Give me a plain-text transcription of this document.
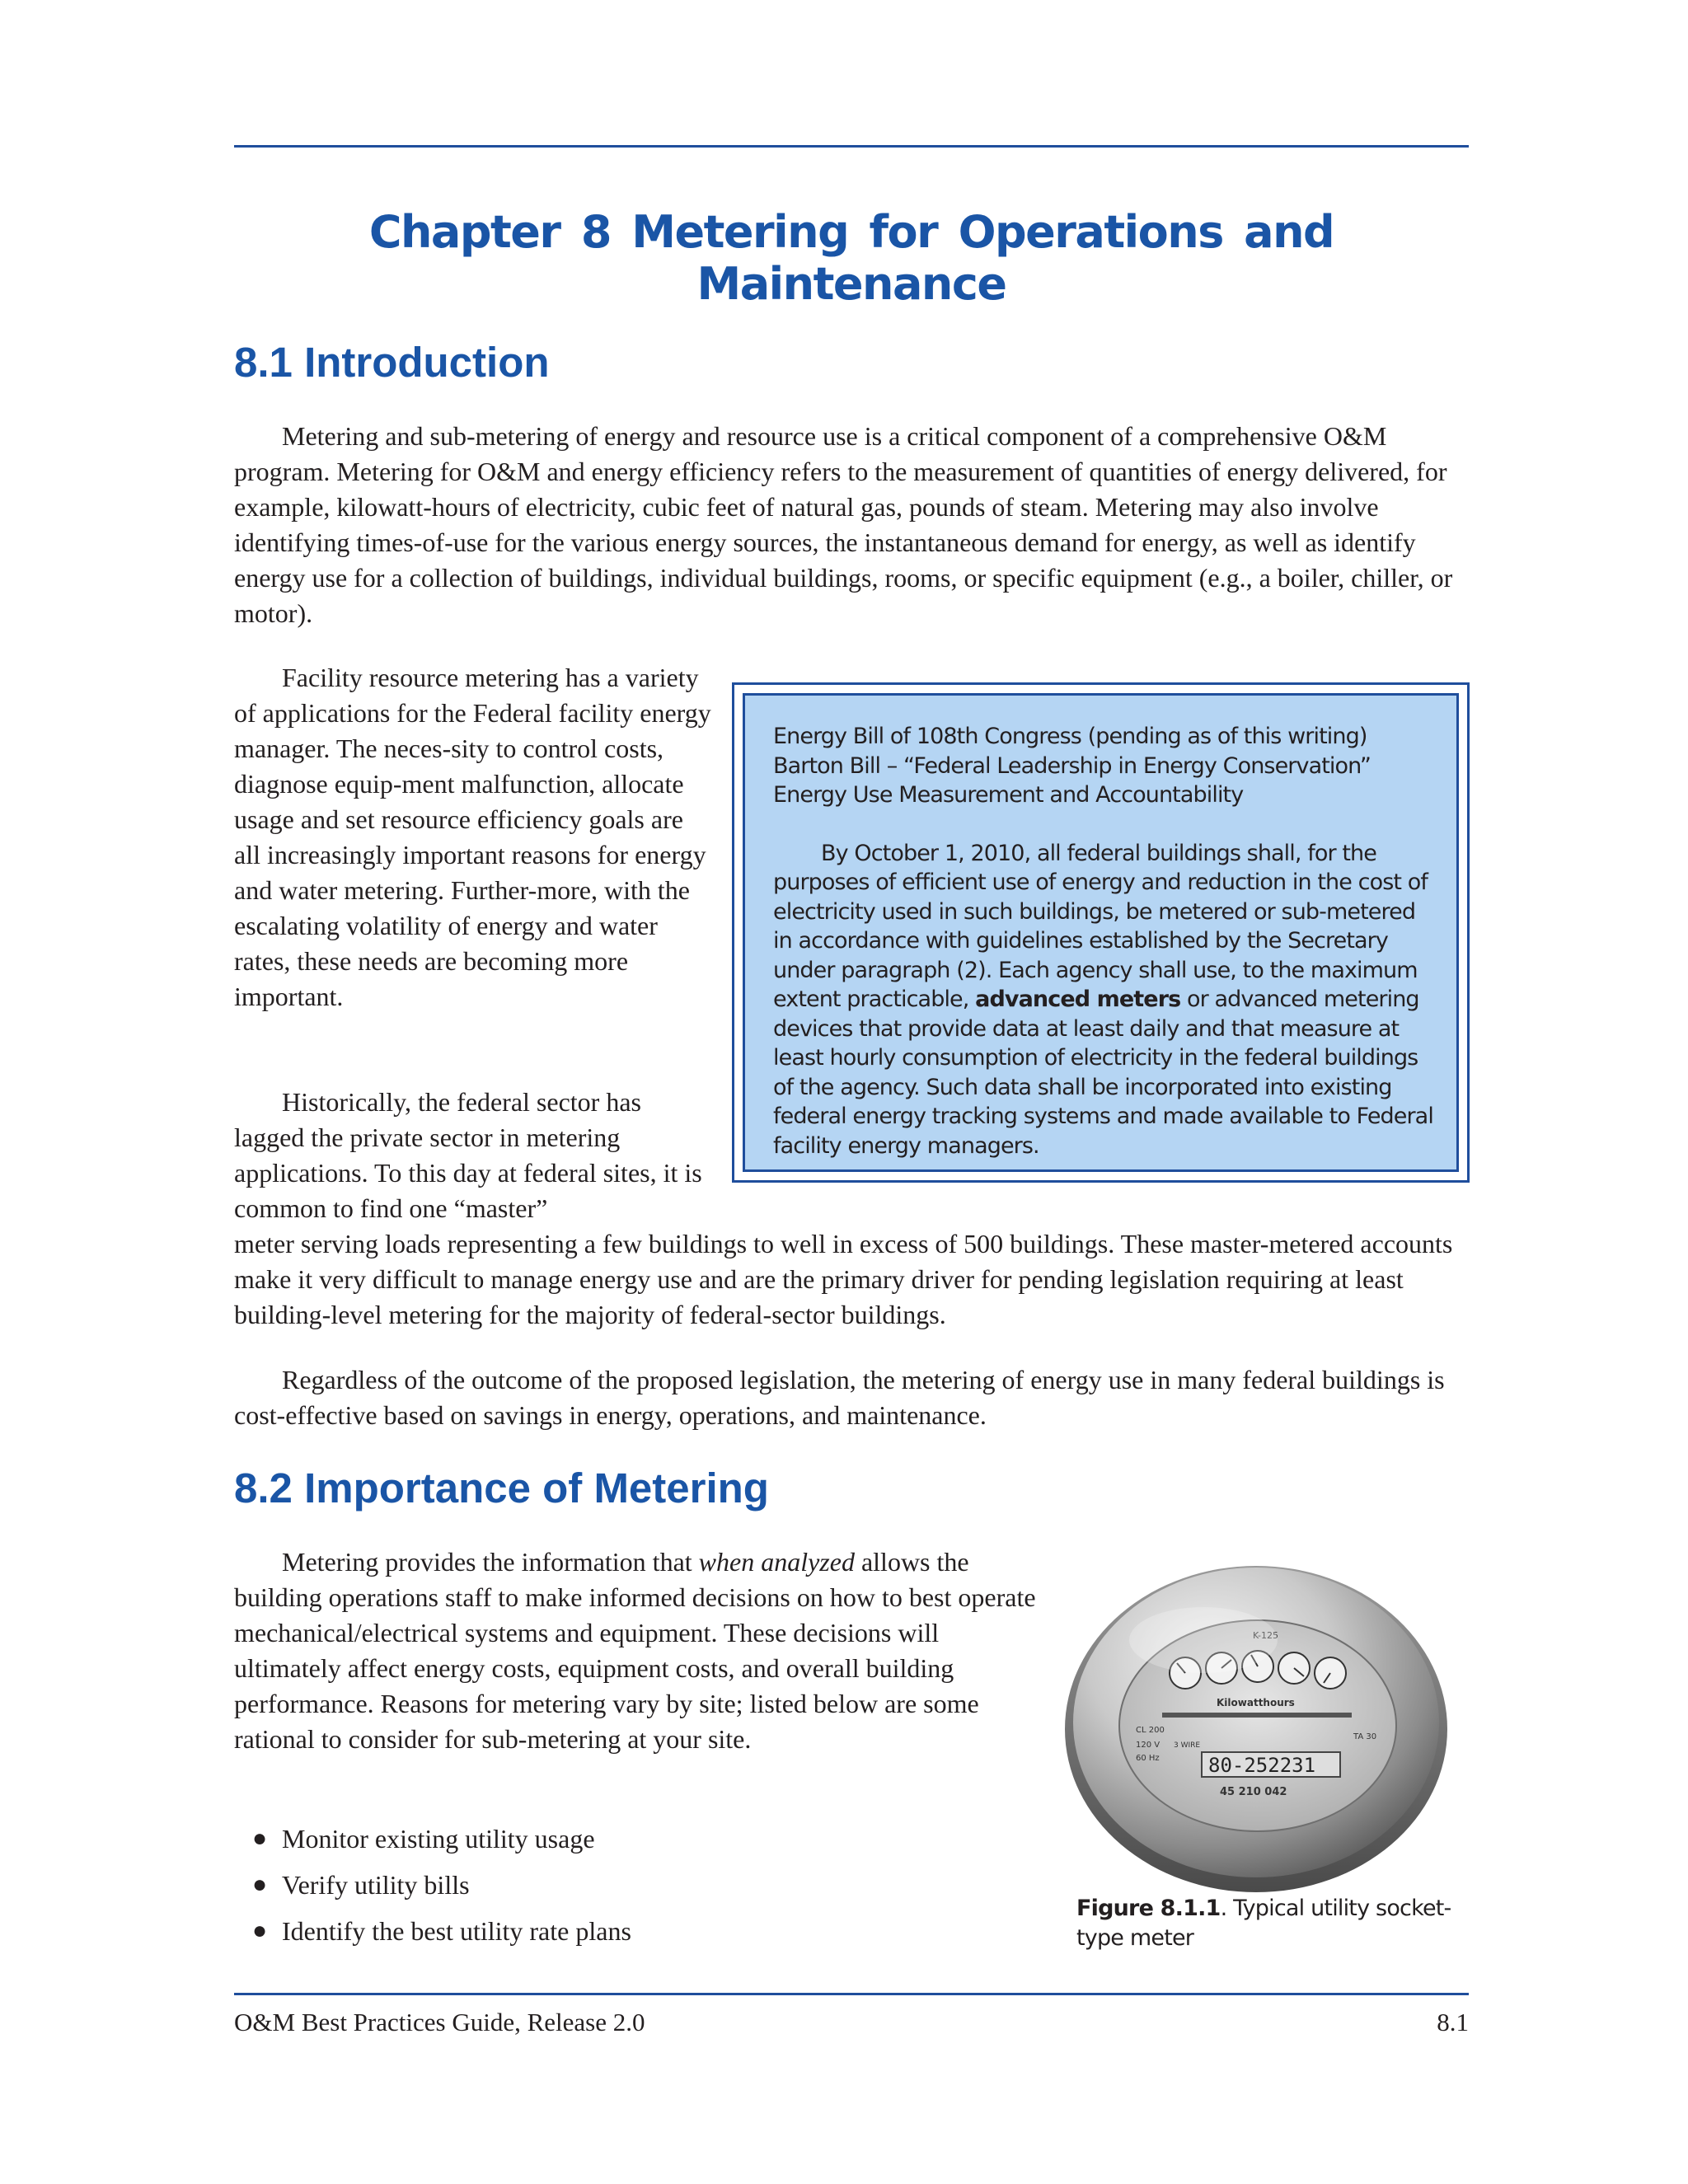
Chapter 8 Metering for Operations and Maintenance
8.1 Introduction

Metering and sub-metering of energy and resource use is a critical component of a comprehensive O&M program. Metering for O&M and energy efficiency refers to the measurement of quantities of energy delivered, for example, kilowatt-hours of electricity, cubic feet of natural gas, pounds of steam. Metering may also involve identifying times-of-use for the various energy sources, the instantaneous demand for energy, as well as identify energy use for a collection of buildings, individual buildings, rooms, or specific equipment (e.g., a boiler, chiller, or motor).

Facility resource metering has a variety of applications for the Federal facility energy manager. The neces-sity to control costs, diagnose equip-ment malfunction, allocate usage and set resource efficiency goals are all increasingly important reasons for energy and water metering. Further-more, with the escalating volatility of energy and water rates, these needs are becoming more important.

Historically, the federal sector has lagged the private sector in metering applications. To this day at federal sites, it is common to find one “master”

meter serving loads representing a few buildings to well in excess of 500 buildings. These master-metered accounts make it very difficult to manage energy use and are the primary driver for pending legislation requiring at least building-level metering for the majority of federal-sector buildings.

Regardless of the outcome of the proposed legislation, the metering of energy use in many federal buildings is cost-effective based on savings in energy, operations, and maintenance.

Energy Bill of 108th Congress (pending as of this writing)

Barton Bill – “Federal Leadership in Energy Conservation”

Energy Use Measurement and Accountability

By October 1, 2010, all federal buildings shall, for the purposes of efficient use of energy and reduction in the cost of electricity used in such buildings, be metered or sub-metered in accordance with guidelines established by the Secretary under paragraph (2). Each agency shall use, to the maximum extent practicable, advanced meters or advanced metering devices that provide data at least daily and that measure at least hourly consumption of electricity in the federal buildings of the agency. Such data shall be incorporated into existing federal energy tracking systems and made available to Federal facility energy managers.

8.2 Importance of Metering

Metering provides the information that when analyzed allows the building operations staff to make informed decisions on how to best operate mechanical/electrical systems and equipment. These decisions will ultimately affect energy costs, equipment costs, and overall building performance. Reasons for metering vary by site; listed below are some rational to consider for sub-metering at your site.

● Monitor existing utility usage
● Verify utility bills
● Identify the best utility rate plans
K-125
Kilowatthours
CL 200
120 V 3 WIRE
60 Hz
TA 30
80-252231
45 210 042

Figure 8.1.1. Typical utility socket-type meter

O&M Best Practices Guide, Release 2.0	8.1
